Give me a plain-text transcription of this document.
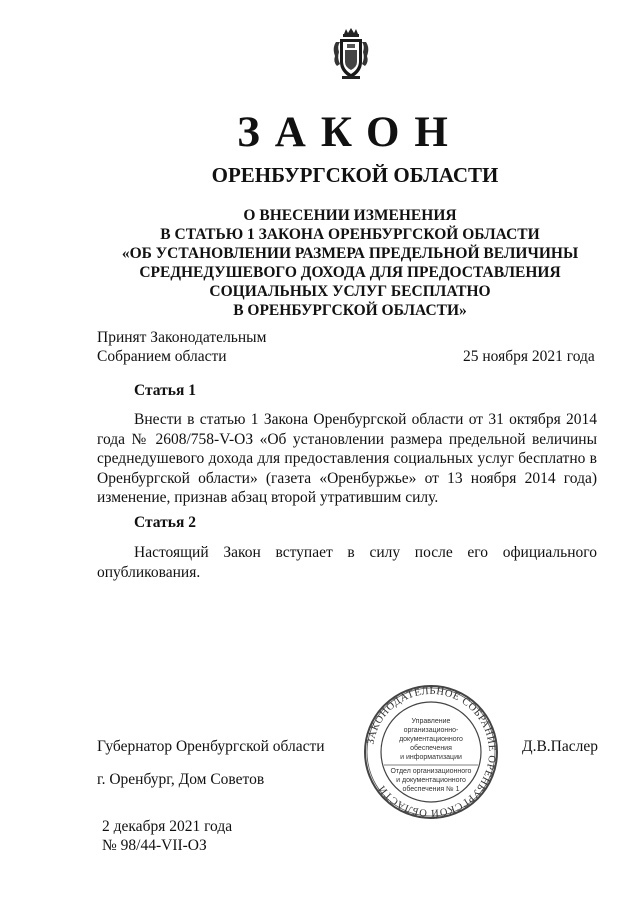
ЗАКОН
ОРЕНБУРГСКОЙ ОБЛАСТИ
О ВНЕСЕНИИ ИЗМЕНЕНИЯ
В СТАТЬЮ 1 ЗАКОНА ОРЕНБУРГСКОЙ ОБЛАСТИ
«ОБ УСТАНОВЛЕНИИ РАЗМЕРА ПРЕДЕЛЬНОЙ ВЕЛИЧИНЫ
СРЕДНЕДУШЕВОГО ДОХОДА ДЛЯ ПРЕДОСТАВЛЕНИЯ
СОЦИАЛЬНЫХ УСЛУГ БЕСПЛАТНО
В ОРЕНБУРГСКОЙ ОБЛАСТИ»
Принят Законодательным
Собранием области	25 ноября 2021 года
Статья 1
Внести в статью 1 Закона Оренбургской области от 31 октября 2014 года № 2608/758-V-ОЗ «Об установлении размера предельной величины среднедушевого дохода для предоставления социальных услуг бесплатно в Оренбургской области» (газета «Оренбуржье» от 13 ноября 2014 года) изменение, признав абзац второй утратившим силу.
Статья 2
Настоящий Закон вступает в силу после его официального опубликования.
Губернатор Оренбургской области	Д.В.Паслер
г. Оренбург, Дом Советов
2 декабря 2021 года
№ 98/44-VII-ОЗ
ЗАКОНОДАТЕЛЬНОЕ СОБРАНИЕ ОРЕНБУРГСКОЙ ОБЛАСТИ
Управление
организационно-
документационного
обеспечения
и информатизации
Отдел организационного
и документационного
обеспечения № 1
